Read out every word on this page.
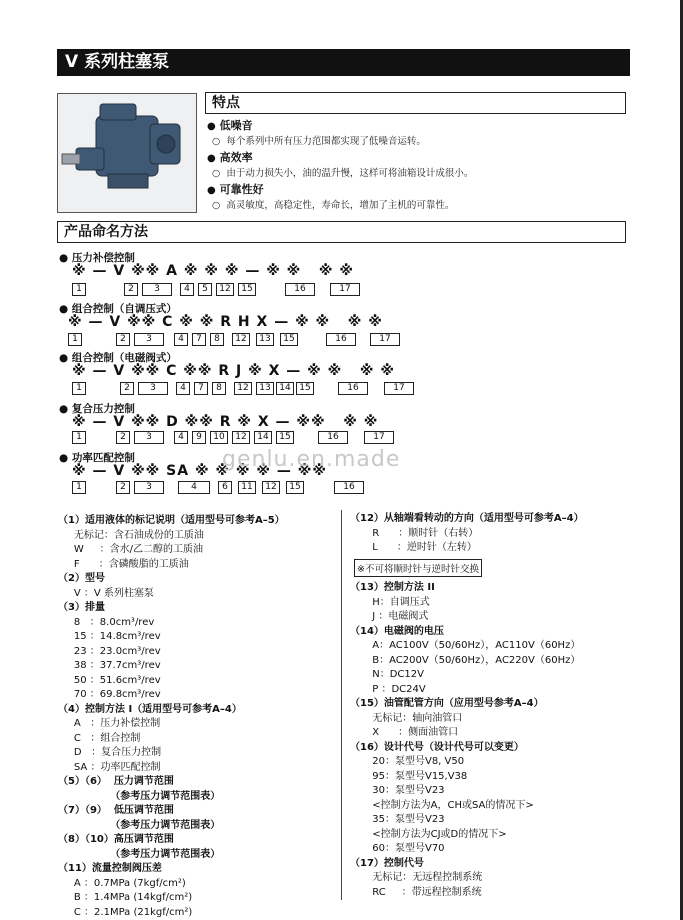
V 系列柱塞泵
特点
● 低噪音
○  每个系列中所有压力范围都实现了低噪音运转。
● 高效率
○  由于动力损失小，油的温升慢，这样可将油箱设计成很小。
● 可靠性好
○  高灵敏度，高稳定性，寿命长，增加了主机的可靠性。
产品命名方法
● 压力补偿控制
※ — V ※※ A ※ ※ ※ — ※ ※   ※ ※
1	2	3	4	5	12	15	16	17
● 组合控制（自调压式）
※ — V ※※ C ※ ※ R H X — ※ ※   ※ ※
1	2	3	4	7	8	12	13	15	16	17
● 组合控制（电磁阀式）
※ — V ※※ C ※※ R J ※ X — ※ ※   ※ ※
1	2	3	4	7	8	12	13 14 15	16	17
● 复合压力控制
※ — V ※※ D ※※ R ※ X — ※※   ※ ※
1	2	3	4	9	10	12	14	15	16	17
● 功率匹配控制
※ — V ※※ SA ※ ※ ※ ※ — ※※
1	2	3	4	6	11	12	15	16
genlu.en.made
（1）适用液体的标记说明（适用型号可参考A–5）
无标记：含石油成份的工质油
W     ：含水/乙二醇的工质油
F      ：含磷酸脂的工质油
（2）型号
V ：V 系列柱塞泵
（3）排量
8   ：8.0cm³/rev
15 ：14.8cm³/rev
23 ：23.0cm³/rev
38 ：37.7cm³/rev
50 ：51.6cm³/rev
70 ：69.8cm³/rev
（4）控制方法 I（适用型号可参考A–4）
A   ：压力补偿控制
C   ：组合控制
D   ：复合压力控制
SA ：功率匹配控制
（5）（6）  压力调节范围
（参考压力调节范围表）
（7）（9）  低压调节范围
（参考压力调节范围表）
（8）（10）高压调节范围
（参考压力调节范围表）
（11）流量控制阀压差
A ：0.7MPa (7kgf/cm²)
B ：1.4MPa (14kgf/cm²)
C ：2.1MPa (21kgf/cm²)
（12）从轴端看转动的方向（适用型号可参考A–4）
R      ：顺时针（右转）
L      ：逆时针（左转）
※不可将顺时针与逆时针交换
（13）控制方法 II
H：自调压式
J ：电磁阀式
（14）电磁阀的电压
A：AC100V（50/60Hz），AC110V（60Hz）
B：AC200V（50/60Hz），AC220V（60Hz）
N：DC12V
P ：DC24V
（15）油管配管方向（应用型号参考A–4）
无标记：轴向油管口
X      ：侧面油管口
（16）设计代号（设计代号可以变更）
20：泵型号V8, V50
95：泵型号V15,V38
30：泵型号V23
<控制方法为A，CH或SA的情况下>
35：泵型号V23
<控制方法为CJ或D的情况下>
60：泵型号V70
（17）控制代号
无标记：无远程控制系统
RC     ：带远程控制系统
